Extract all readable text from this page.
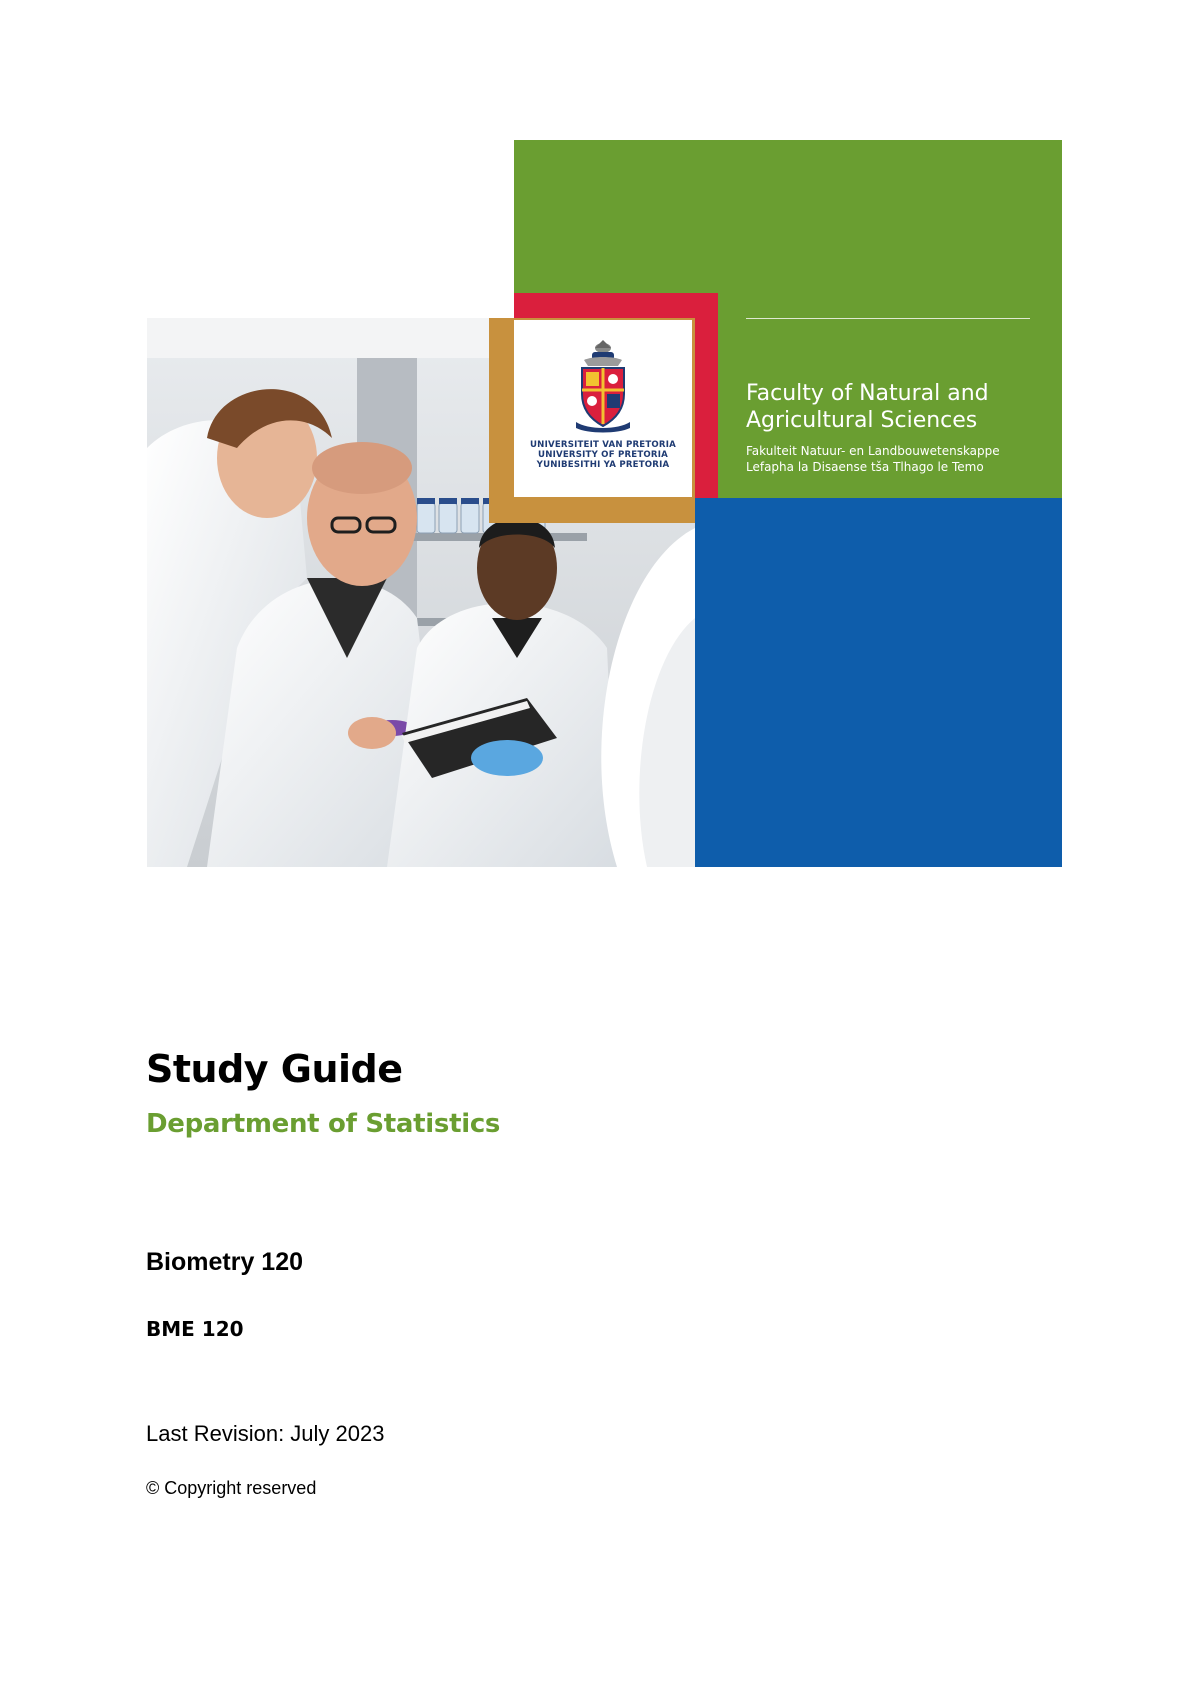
UNIVERSITEIT VAN PRETORIA
UNIVERSITY OF PRETORIA
YUNIBESITHI YA PRETORIA
Faculty of Natural and Agricultural Sciences
Fakulteit Natuur- en Landbouwetenskappe
Lefapha la Disaense tša Tlhago le Temo
Study Guide
Department of Statistics
Biometry 120
BME 120
Last Revision: July 2023
© Copyright reserved
